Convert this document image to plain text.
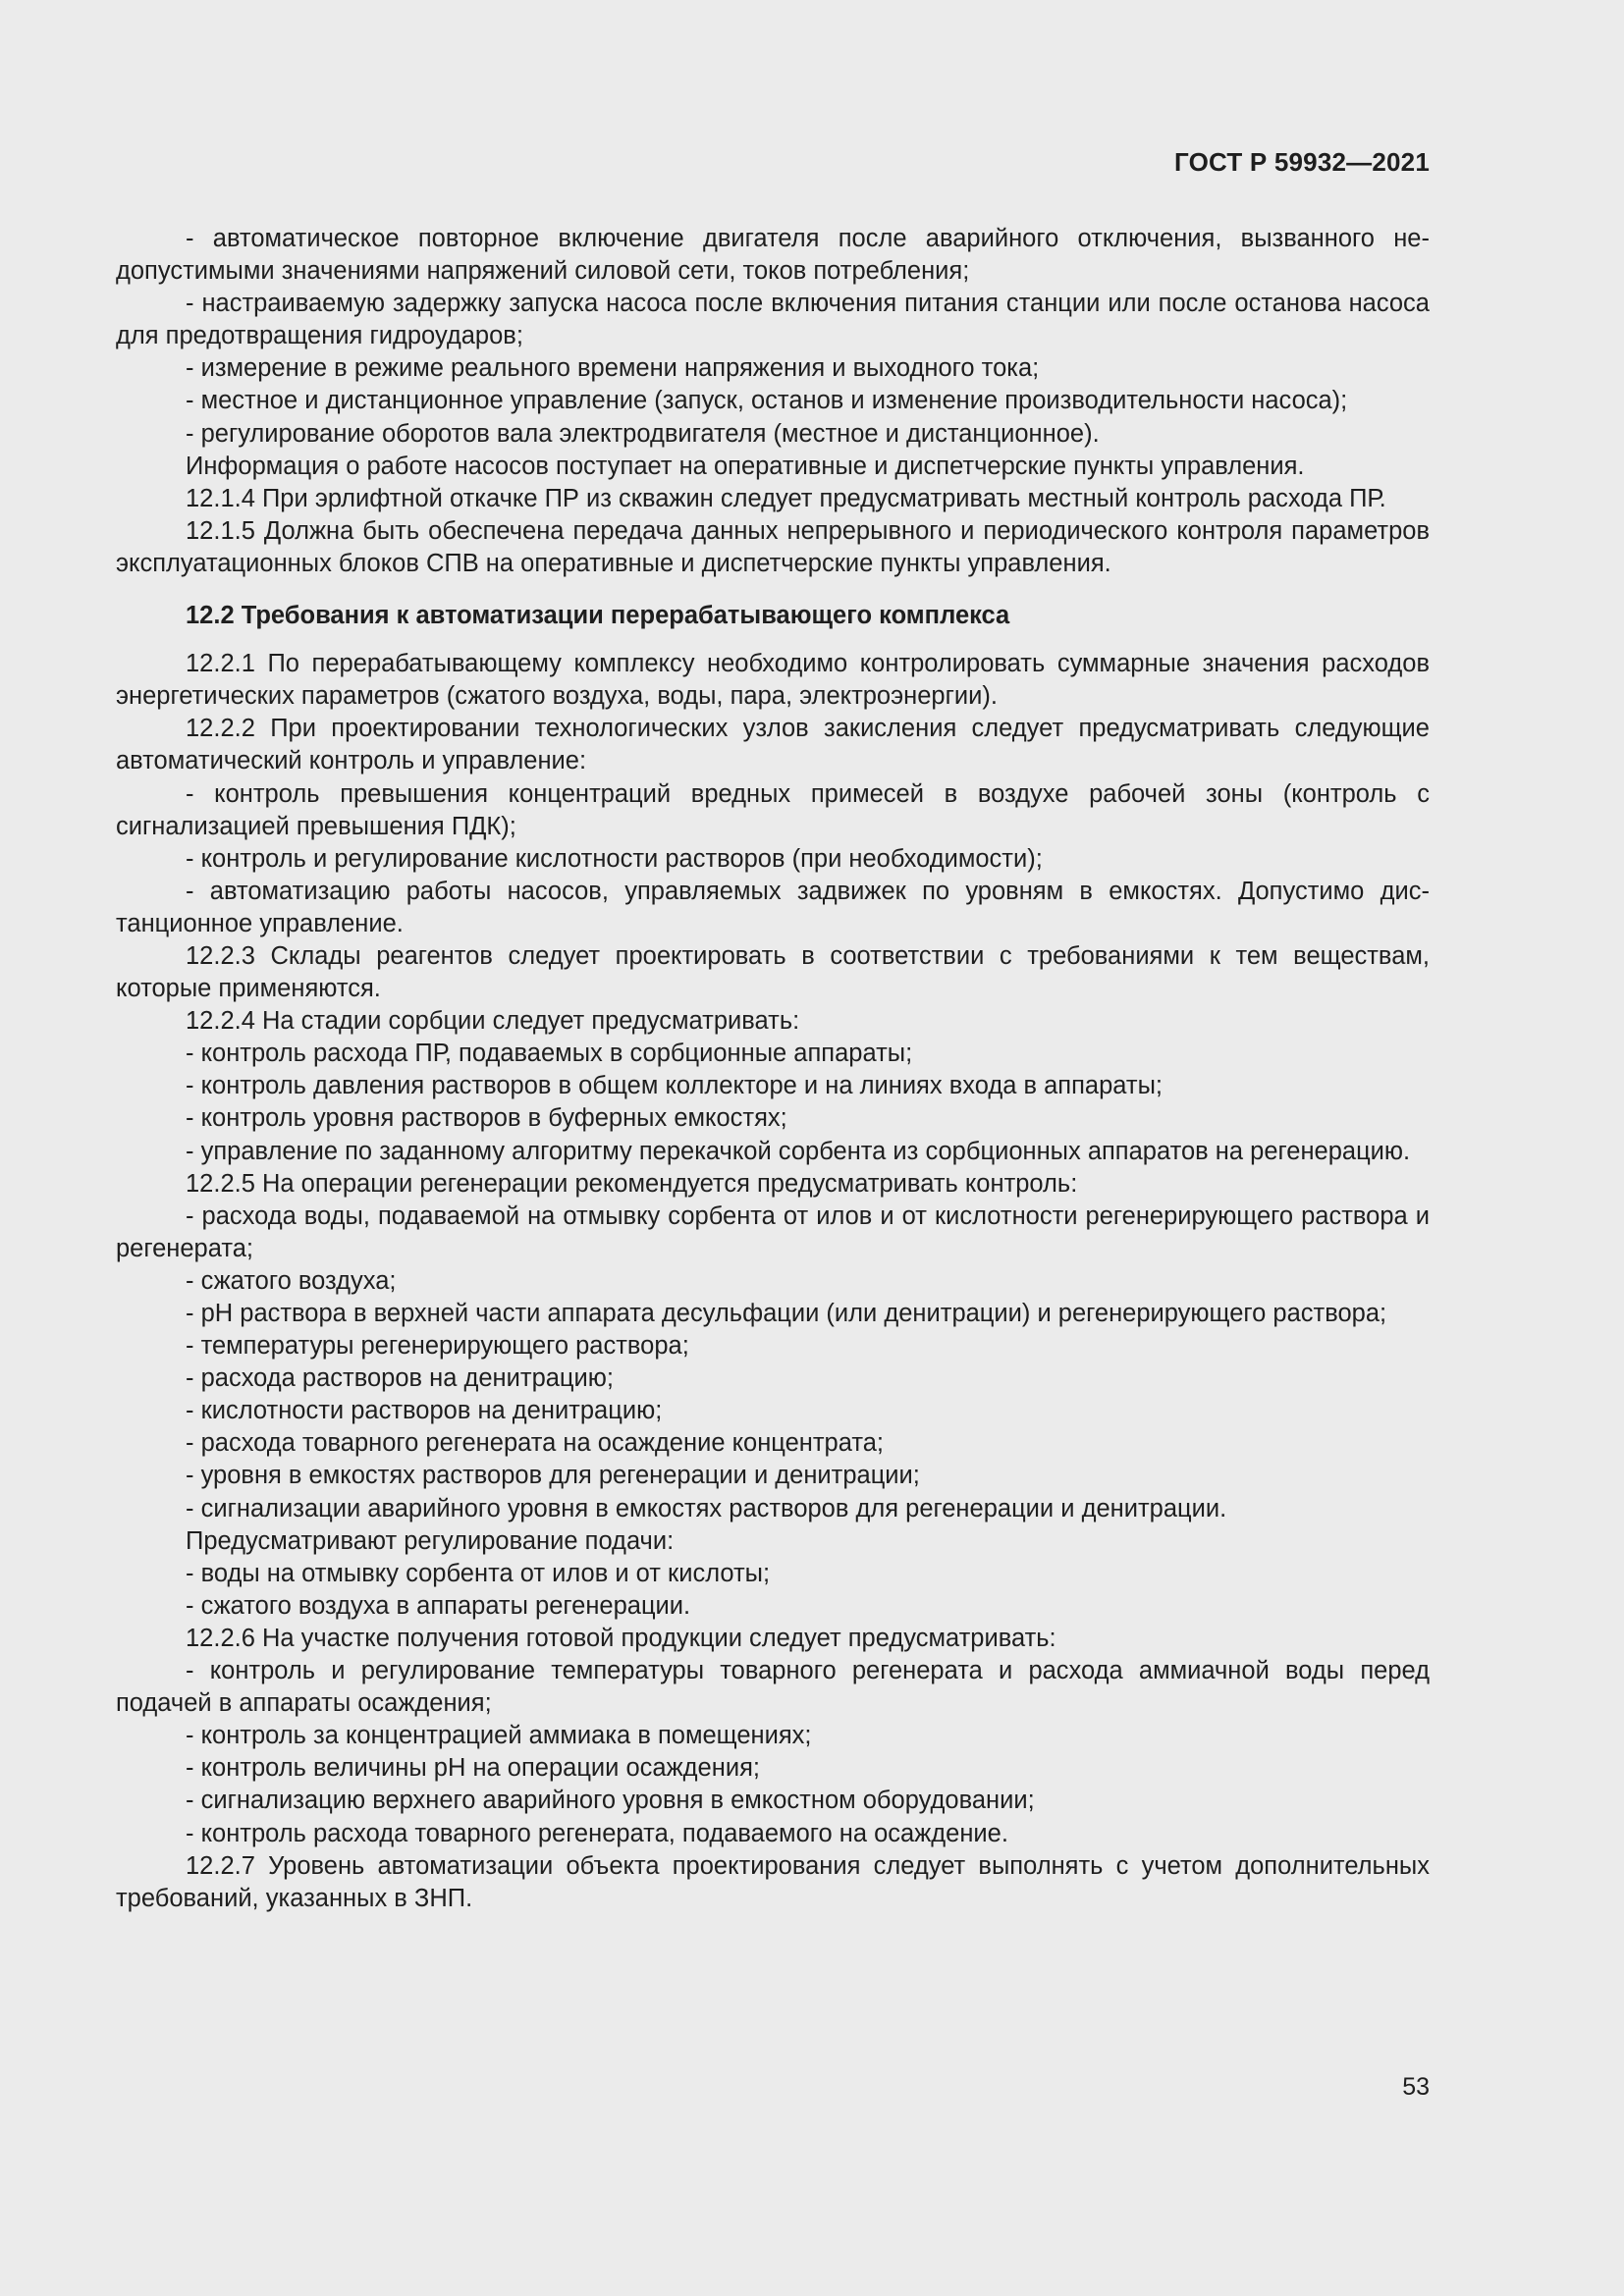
ГОСТ Р 59932—2021

- автоматическое повторное включение двигателя после аварийного отключения, вызванного недопустимыми значениями напряжений силовой сети, токов потребления;

- настраиваемую задержку запуска насоса после включения питания станции или после останова насоса для предотвращения гидроударов;

- измерение в режиме реального времени напряжения и выходного тока;

- местное и дистанционное управление (запуск, останов и изменение производительности насоса);

- регулирование оборотов вала электродвигателя (местное и дистанционное).

Информация о работе насосов поступает на оперативные и диспетчерские пункты управления.

12.1.4 При эрлифтной откачке ПР из скважин следует предусматривать местный контроль расхода ПР.

12.1.5 Должна быть обеспечена передача данных непрерывного и периодического контроля параметров эксплуатационных блоков СПВ на оперативные и диспетчерские пункты управления.

12.2 Требования к автоматизации перерабатывающего комплекса

12.2.1 По перерабатывающему комплексу необходимо контролировать суммарные значения расходов энергетических параметров (сжатого воздуха, воды, пара, электроэнергии).

12.2.2 При проектировании технологических узлов закисления следует предусматривать следующие автоматический контроль и управление:

- контроль превышения концентраций вредных примесей в воздухе рабочей зоны (контроль с сигнализацией превышения ПДК);

- контроль и регулирование кислотности растворов (при необходимости);

- автоматизацию работы насосов, управляемых задвижек по уровням в емкостях. Допустимо дистанционное управление.

12.2.3 Склады реагентов следует проектировать в соответствии с требованиями к тем веществам, которые применяются.

12.2.4 На стадии сорбции следует предусматривать:

- контроль расхода ПР, подаваемых в сорбционные аппараты;

- контроль давления растворов в общем коллекторе и на линиях входа в аппараты;

- контроль уровня растворов в буферных емкостях;

- управление по заданному алгоритму перекачкой сорбента из сорбционных аппаратов на регенерацию.

12.2.5 На операции регенерации рекомендуется предусматривать контроль:

- расхода воды, подаваемой на отмывку сорбента от илов и от кислотности регенерирующего раствора и регенерата;

- сжатого воздуха;

- pH раствора в верхней части аппарата десульфации (или денитрации) и регенерирующего раствора;

- температуры регенерирующего раствора;

- расхода растворов на денитрацию;

- кислотности растворов на денитрацию;

- расхода товарного регенерата на осаждение концентрата;

- уровня в емкостях растворов для регенерации и денитрации;

- сигнализации аварийного уровня в емкостях растворов для регенерации и денитрации.

Предусматривают регулирование подачи:

- воды на отмывку сорбента от илов и от кислоты;

- сжатого воздуха в аппараты регенерации.

12.2.6 На участке получения готовой продукции следует предусматривать:

- контроль и регулирование температуры товарного регенерата и расхода аммиачной воды перед подачей в аппараты осаждения;

- контроль за концентрацией аммиака в помещениях;

- контроль величины pH на операции осаждения;

- сигнализацию верхнего аварийного уровня в емкостном оборудовании;

- контроль расхода товарного регенерата, подаваемого на осаждение.

12.2.7 Уровень автоматизации объекта проектирования следует выполнять с учетом дополнительных требований, указанных в ЗНП.

53
